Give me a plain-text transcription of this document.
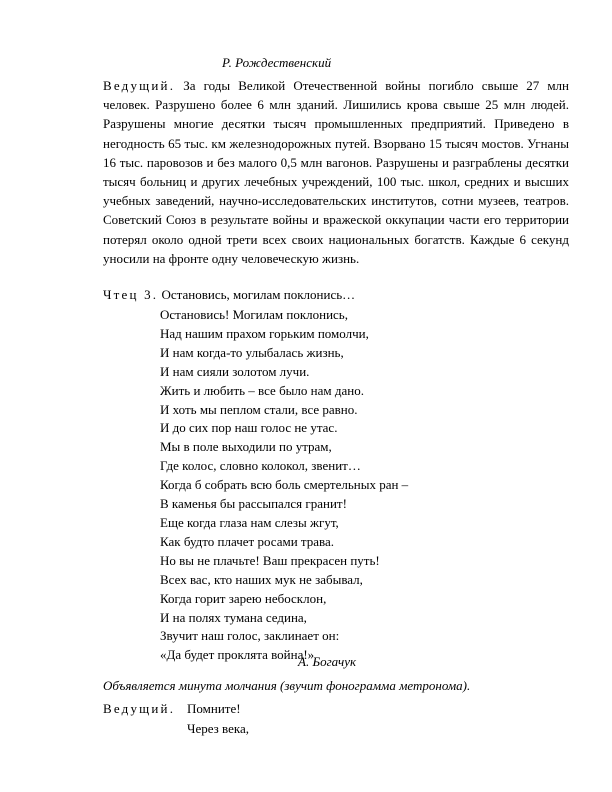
Р. Рождественский

Ведущий. За годы Великой Отечественной войны погибло свыше 27 млн человек. Разрушено более 6 млн зданий. Лишились крова свыше 25 млн людей. Разрушены многие десятки тысяч промышленных предприятий. Приведено в негодность 65 тыс. км железнодорожных путей. Взорвано 15 тысяч мостов. Угнаны 16 тыс. паровозов и без малого 0,5 млн вагонов. Разрушены и разграблены десятки тысяч больниц и других лечебных учреждений, 100 тыс. школ, средних и высших учебных заведений, научно-исследовательских институтов, сотни музеев, театров. Советский Союз в результате войны и вражеской оккупации части его территории потерял около одной трети всех своих национальных богатств. Каждые 6 секунд уносили на фронте одну человеческую жизнь.

Чтец 3. Остановись, могилам поклонись…
Остановись! Могилам поклонись,
Над нашим прахом горьким помолчи,
И нам когда-то улыбалась жизнь,
И нам сияли золотом лучи.
Жить и любить – все было нам дано.
И хоть мы пеплом стали, все равно.
И до сих пор наш голос не утас.
Мы в поле выходили по утрам,
Где колос, словно колокол, звенит…
Когда б собрать всю боль смертельных ран –
В каменья бы рассыпался гранит!
Еще когда глаза нам слезы жгут,
Как будто плачет росами трава.
Но вы не плачьте! Ваш прекрасен путь!
Всех вас, кто наших мук не забывал,
Когда горит зарею небосклон,
И на полях тумана седина,
Звучит наш голос, заклинает он:
«Да будет проклята война!»
А. Богачук
Объявляется минута молчания (звучит фонограмма метронома).
Ведущий. Помните!
Через века,
